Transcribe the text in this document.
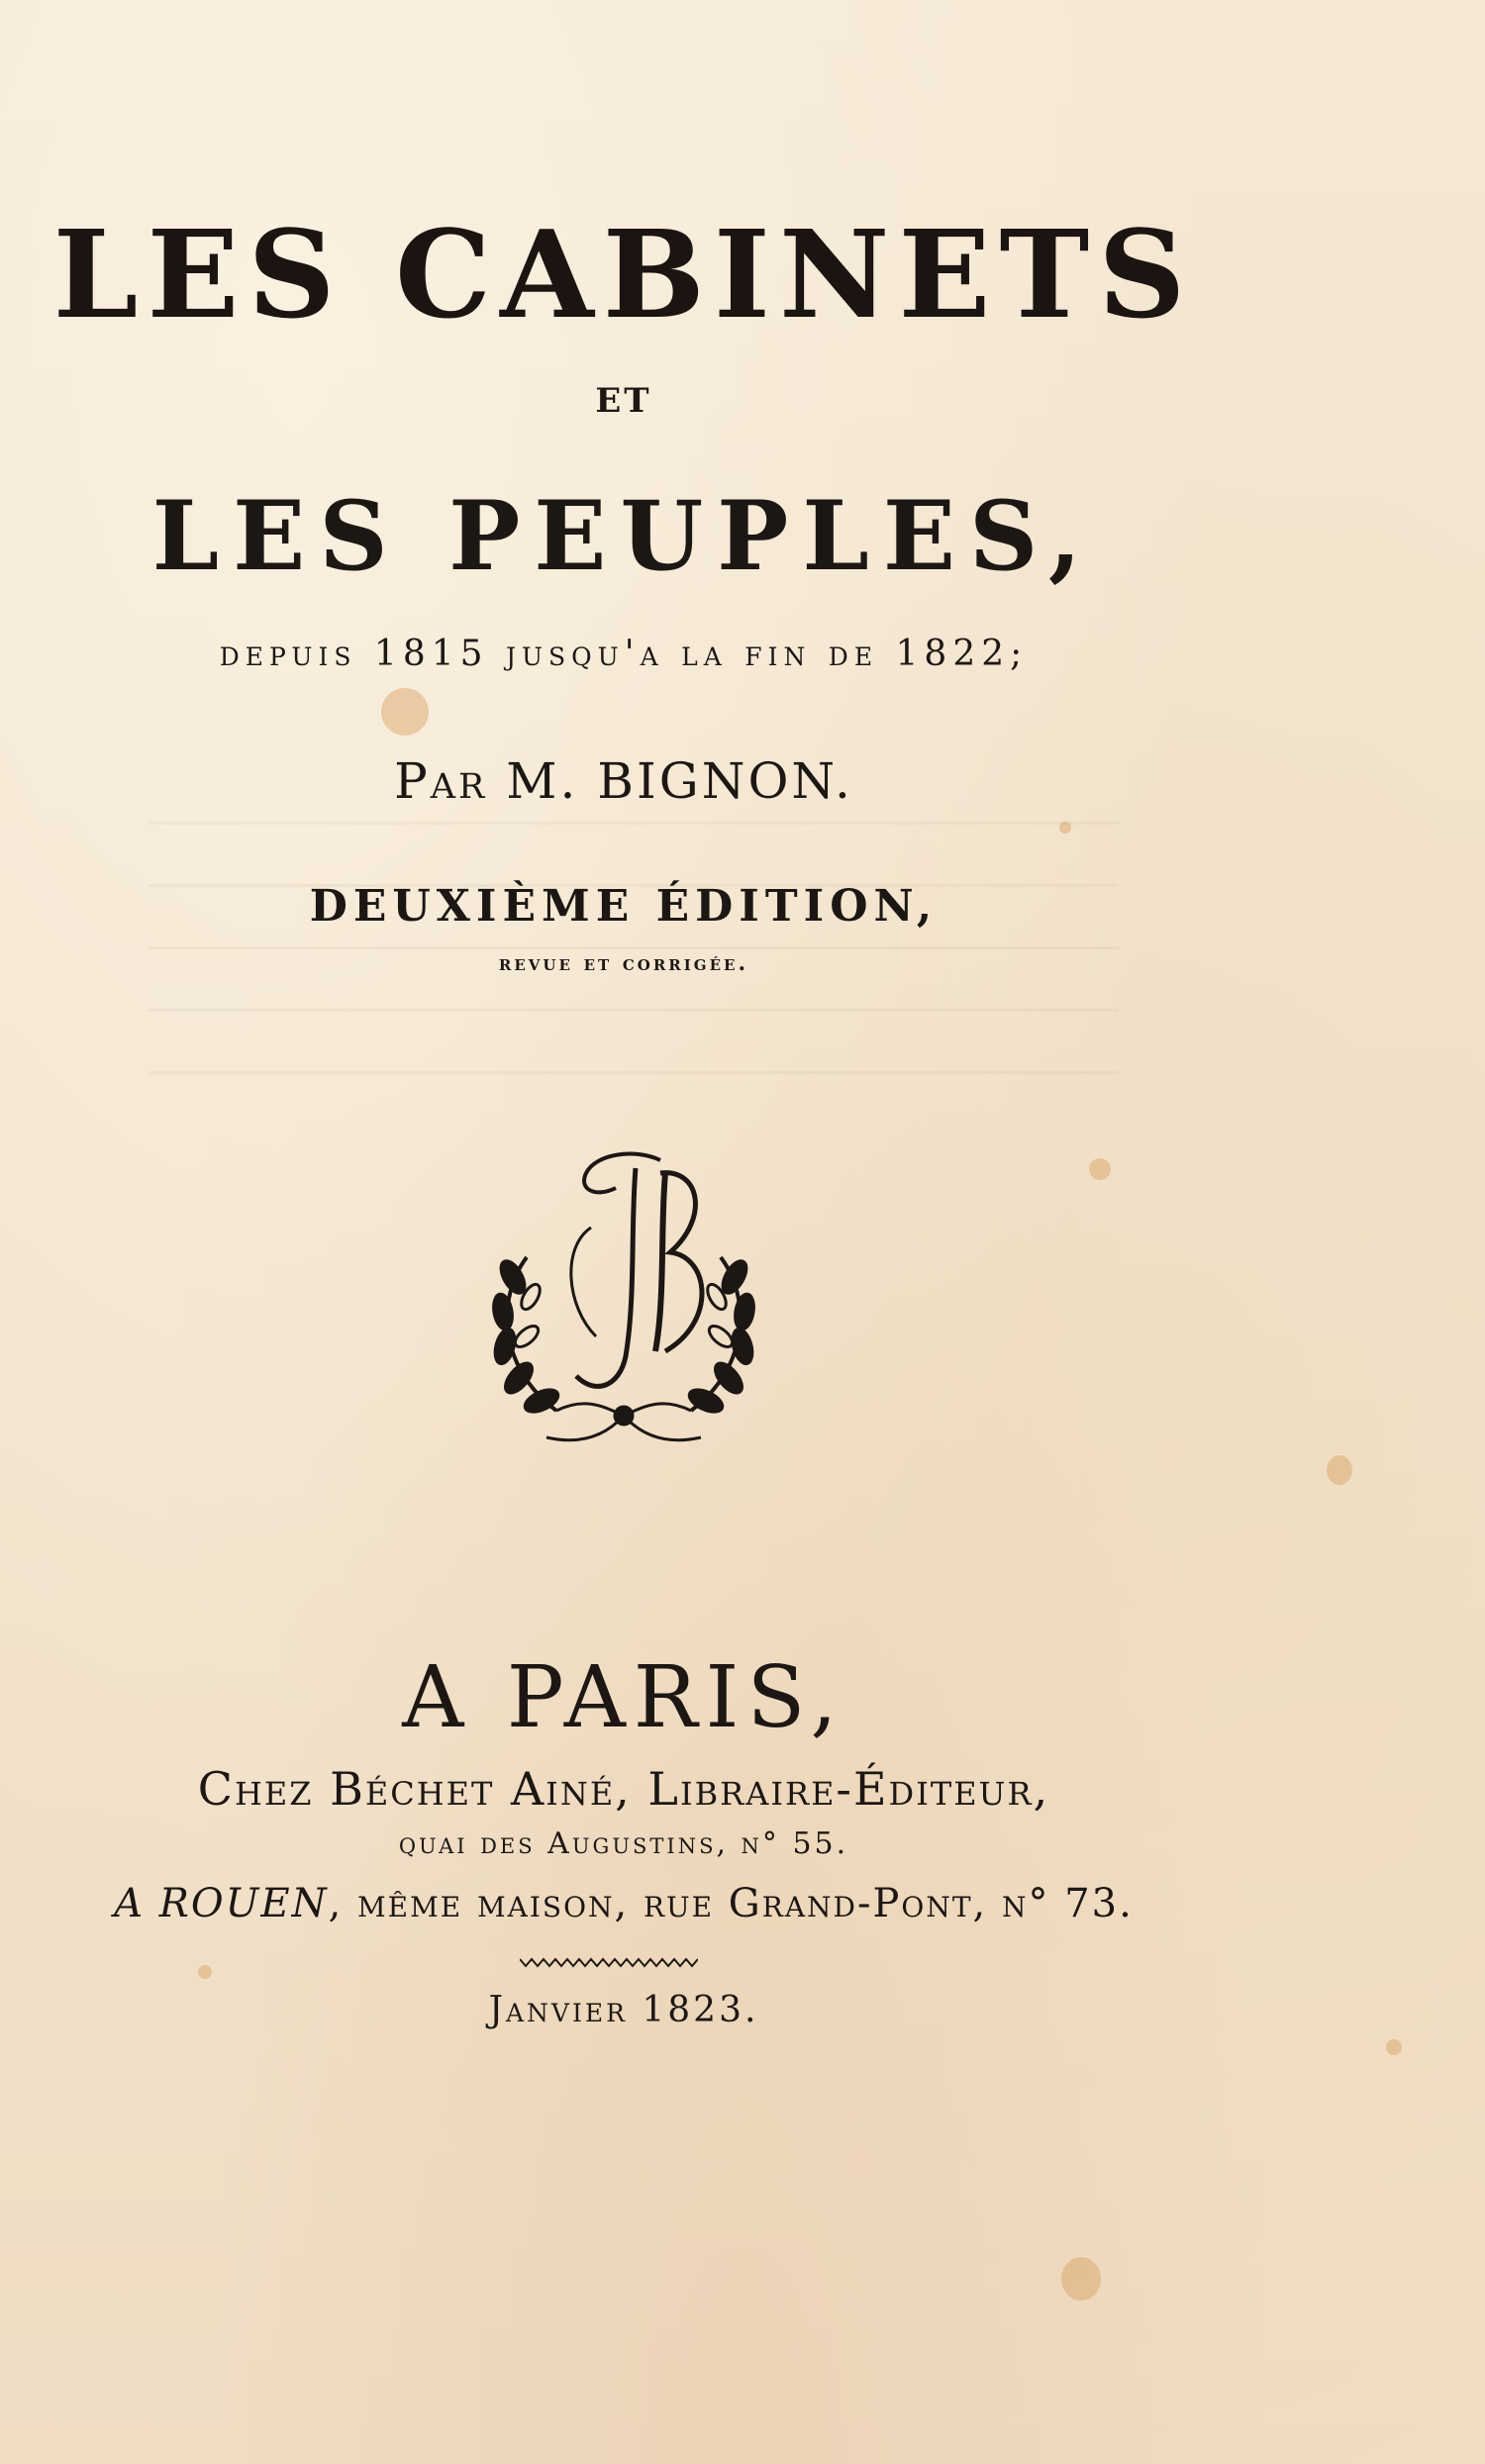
LES CABINETS
ET
LES PEUPLES,
depuis 1815 jusqu'a la fin de 1822;
Par M. BIGNON.
DEUXIÈME ÉDITION,
revue et corrigée.
A PARIS,
Chez Béchet Ainé, Libraire-Éditeur,
quai des Augustins, n° 55.
A ROUEN, même maison, rue Grand-Pont, n° 73.
Janvier 1823.
